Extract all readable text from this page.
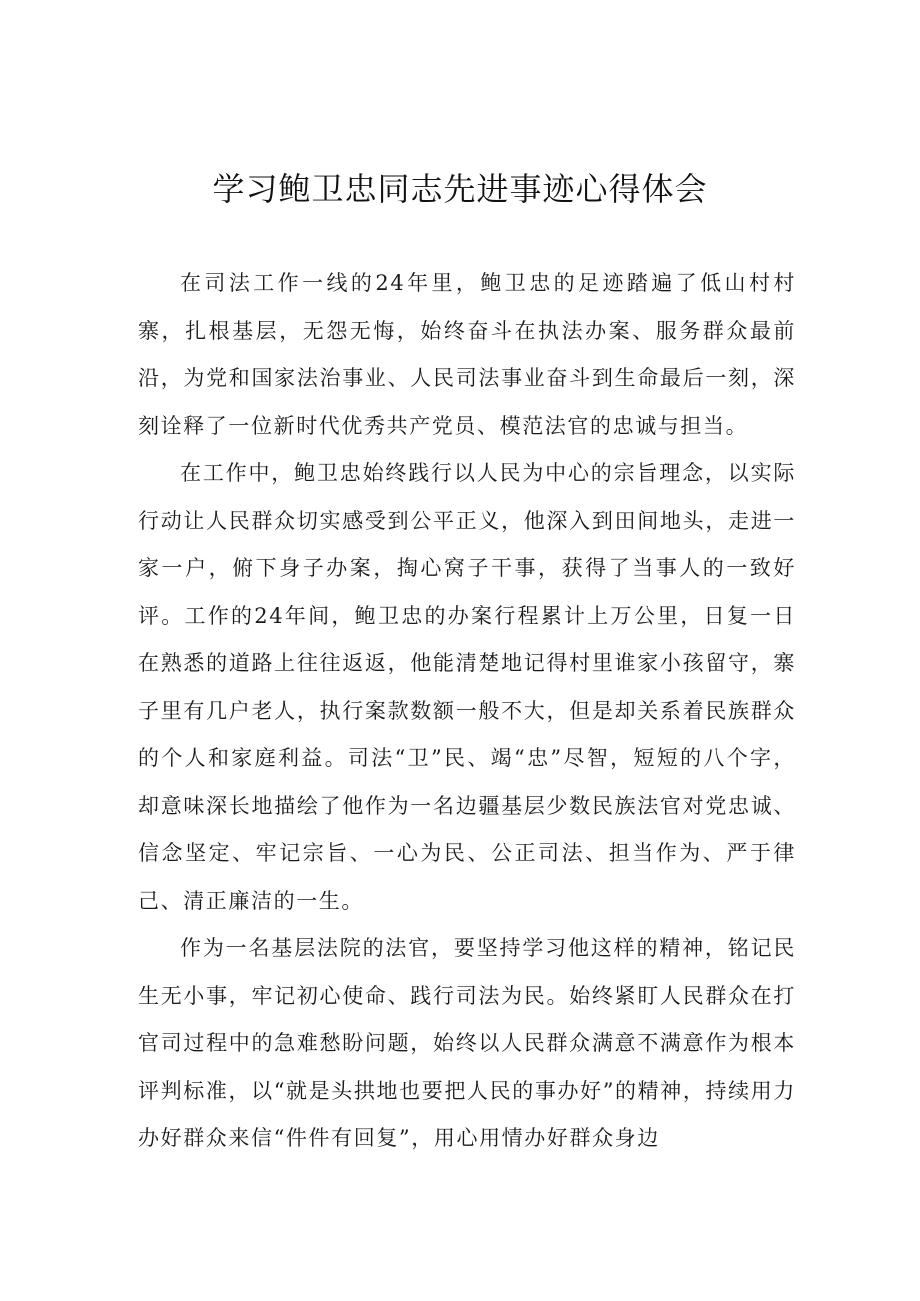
学习鲍卫忠同志先进事迹心得体会

在司法工作一线的24年里，鲍卫忠的足迹踏遍了低山村村寨，扎根基层，无怨无悔，始终奋斗在执法办案、服务群众最前沿，为党和国家法治事业、人民司法事业奋斗到生命最后一刻，深刻诠释了一位新时代优秀共产党员、模范法官的忠诚与担当。

在工作中，鲍卫忠始终践行以人民为中心的宗旨理念，以实际行动让人民群众切实感受到公平正义，他深入到田间地头，走进一家一户，俯下身子办案，掏心窝子干事，获得了当事人的一致好评。工作的24年间，鲍卫忠的办案行程累计上万公里，日复一日在熟悉的道路上往往返返，他能清楚地记得村里谁家小孩留守，寨子里有几户老人，执行案款数额一般不大，但是却关系着民族群众的个人和家庭利益。司法“卫”民、竭“忠”尽智，短短的八个字，却意味深长地描绘了他作为一名边疆基层少数民族法官对党忠诚、信念坚定、牢记宗旨、一心为民、公正司法、担当作为、严于律己、清正廉洁的一生。

作为一名基层法院的法官，要坚持学习他这样的精神，铭记民生无小事，牢记初心使命、践行司法为民。始终紧盯人民群众在打官司过程中的急难愁盼问题，始终以人民群众满意不满意作为根本评判标准，以“就是头拱地也要把人民的事办好”的精神，持续用力办好群众来信“件件有回复”，用心用情办好群众身边
